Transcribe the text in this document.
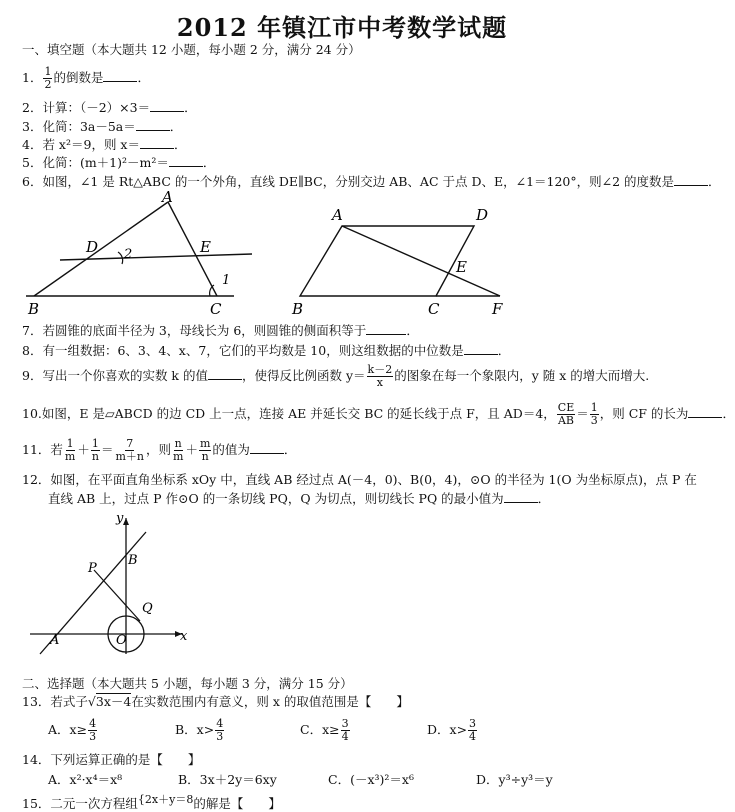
2012 年镇江市中考数学试题
一、填空题（本大题共 12 小题，每小题 2 分，满分 24 分）
1． $\frac{1}{2}$ 的倒数是	．
2．计算：（－2）×3＝	．
3．化简：3a－5a＝	．
4．若 x²＝9，则 x＝	．
5．化简：(m＋1)²－m²＝	．
6．如图，∠1 是 Rt△ABC 的一个外角，直线 DE∥BC，分别交边 AB、AC 于点 D、E，∠1＝120°，则∠2 的度数是	．
A
B	C
D	E
1
2
A	D
B	C	F
E
7．若圆锥的底面半径为 3，母线长为 6，则圆锥的侧面积等于	．
8．有一组数据：6、3、4、x、7，它们的平均数是 10，则这组数据的中位数是	．
9．写出一个你喜欢的实数 k 的值	，使得反比例函数 $y= \frac{k-2}{x}$ 的图象在每一个象限内，y 随 x 的增大而增大.
10.如图，E 是▱ABCD 的边 CD 上一点，连接 AE 并延长交 BC 的延长线于点 F，且 AD＝4， $\frac{CE}{AB} = \frac{1}{3}$ ，则 CF 的长为	．
11．若 $\frac{1}{m} + \frac{1}{n} = \frac{7}{m+n}$ ，则 $\frac{n}{m} + \frac{m}{n}$ 的值为	．
12．如图，在平面直角坐标系 xOy 中，直线 AB 经过点 A(－4，0)、B(0，4)，⊙O 的半径为 1(O 为坐标原点)，点 P 在
直线 AB 上，过点 P 作⊙O 的一条切线 PQ，Q 为切点，则切线长 PQ 的最小值为	．
y
x
B
P
Q
A	O
二、选择题（本大题共 5 小题，每小题 3 分，满分 15 分）
13．若式子√3x－4在实数范围内有意义，则 x 的取值范围是【　　】
A．$x\ge \frac{4}{3}$	B．$x> \frac{4}{3}$	C．$x\ge \frac{3}{4}$	D．$x> \frac{3}{4}$
14．下列运算正确的是【　　】
A．x²·x⁴＝x⁸	B．3x＋2y＝6xy	C．(－x³)²＝x⁶	D．y³÷y³＝y
15．二元一次方程组{2x＋y＝8的解是【　　】
